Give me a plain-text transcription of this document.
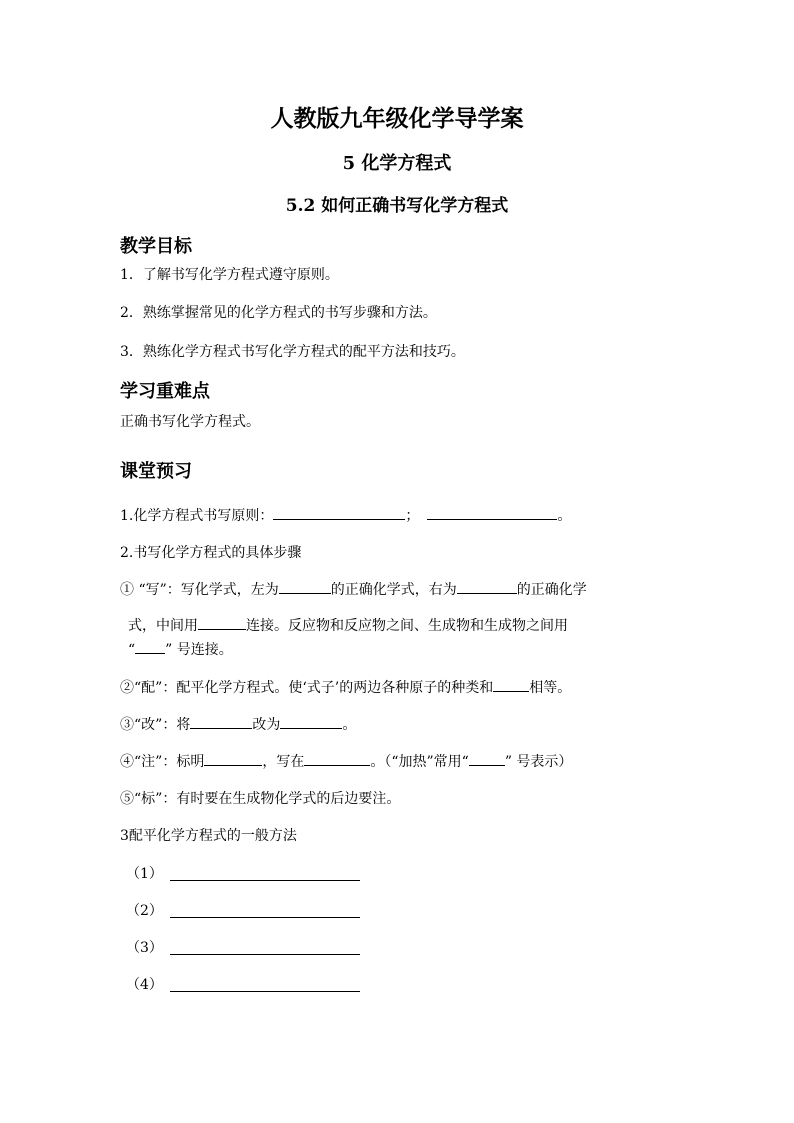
人教版九年级化学导学案
5 化学方程式
5.2 如何正确书写化学方程式
教学目标
1．了解书写化学方程式遵守原则。
2．熟练掌握常见的化学方程式的书写步骤和方法。
3．熟练化学方程式书写化学方程式的配平方法和技巧。
学习重难点
正确书写化学方程式。
课堂预习
1.化学方程式书写原则：	；	。
2.书写化学方程式的具体步骤
① “写”：写化学式，左为	的正确化学式，右为	的正确化学
式，中间用	连接。反应物和反应物之间、生成物和生成物之间用
“ ” 号连接。
②“配”：配平化学方程式。使‘式子’的两边各种原子的种类和	相等。
③“改”：将	改为	。
④“注”：标明	，写在	。（“加热”常用“	” 号表示）
⑤“标”：有时要在生成物化学式的后边要注。
3配平化学方程式的一般方法
（1）
（2）
（3）
（4）
